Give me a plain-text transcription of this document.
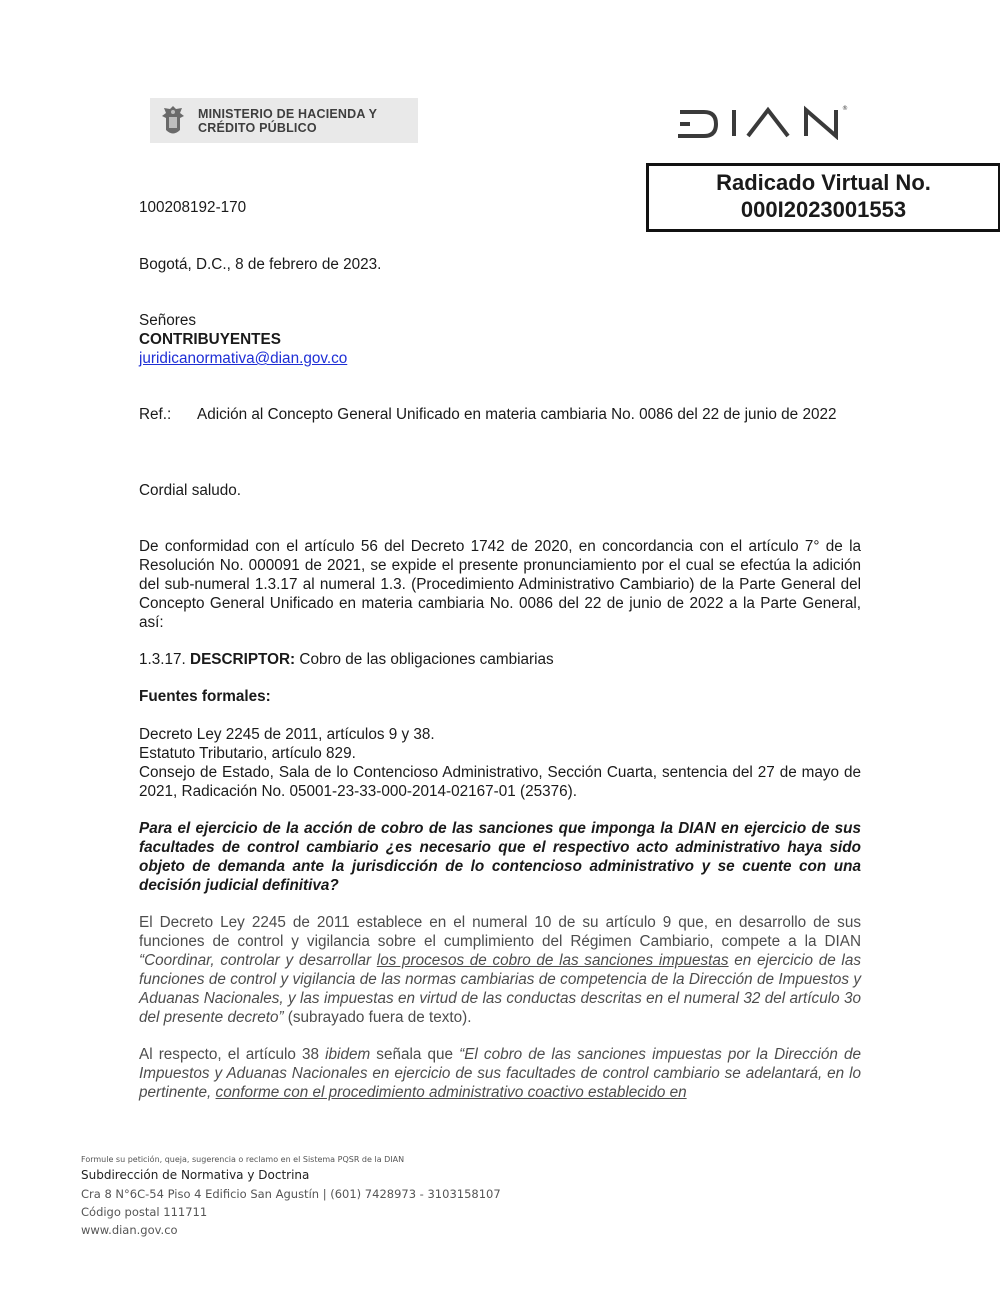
MINISTERIO DE HACIENDA Y
CRÉDITO PÚBLICO
®
Radicado Virtual No.
000I2023001553
100208192-170
Bogotá, D.C., 8 de febrero de 2023.
Señores
CONTRIBUYENTES
juridicanormativa@dian.gov.co
Ref.: Adición al Concepto General Unificado en materia cambiaria No. 0086 del 22 de junio de 2022
Cordial saludo.
De conformidad con el artículo 56 del Decreto 1742 de 2020, en concordancia con el artículo 7° de la Resolución No. 000091 de 2021, se expide el presente pronunciamiento por el cual se efectúa la adición del sub-numeral 1.3.17 al numeral 1.3. (Procedimiento Administrativo Cambiario) de la Parte General del Concepto General Unificado en materia cambiaria No. 0086 del 22 de junio de 2022 a la Parte General, así:
1.3.17. DESCRIPTOR: Cobro de las obligaciones cambiarias
Fuentes formales:
Decreto Ley 2245 de 2011, artículos 9 y 38.
Estatuto Tributario, artículo 829.
Consejo de Estado, Sala de lo Contencioso Administrativo, Sección Cuarta, sentencia del 27 de mayo de 2021, Radicación No. 05001-23-33-000-2014-02167-01 (25376).
Para el ejercicio de la acción de cobro de las sanciones que imponga la DIAN en ejercicio de sus facultades de control cambiario ¿es necesario que el respectivo acto administrativo haya sido objeto de demanda ante la jurisdicción de lo contencioso administrativo y se cuente con una decisión judicial definitiva?
El Decreto Ley 2245 de 2011 establece en el numeral 10 de su artículo 9 que, en desarrollo de sus funciones de control y vigilancia sobre el cumplimiento del Régimen Cambiario, compete a la DIAN “Coordinar, controlar y desarrollar los procesos de cobro de las sanciones impuestas en ejercicio de las funciones de control y vigilancia de las normas cambiarias de competencia de la Dirección de Impuestos y Aduanas Nacionales, y las impuestas en virtud de las conductas descritas en el numeral 32 del artículo 3o del presente decreto” (subrayado fuera de texto).
Al respecto, el artículo 38 ibidem señala que “El cobro de las sanciones impuestas por la Dirección de Impuestos y Aduanas Nacionales en ejercicio de sus facultades de control cambiario se adelantará, en lo pertinente, conforme con el procedimiento administrativo coactivo establecido en
Formule su petición, queja, sugerencia o reclamo en el Sistema PQSR de la DIAN
Subdirección de Normativa y Doctrina
Cra 8 N°6C-54 Piso 4 Edificio San Agustín | (601) 7428973 - 3103158107
Código postal 111711
www.dian.gov.co
